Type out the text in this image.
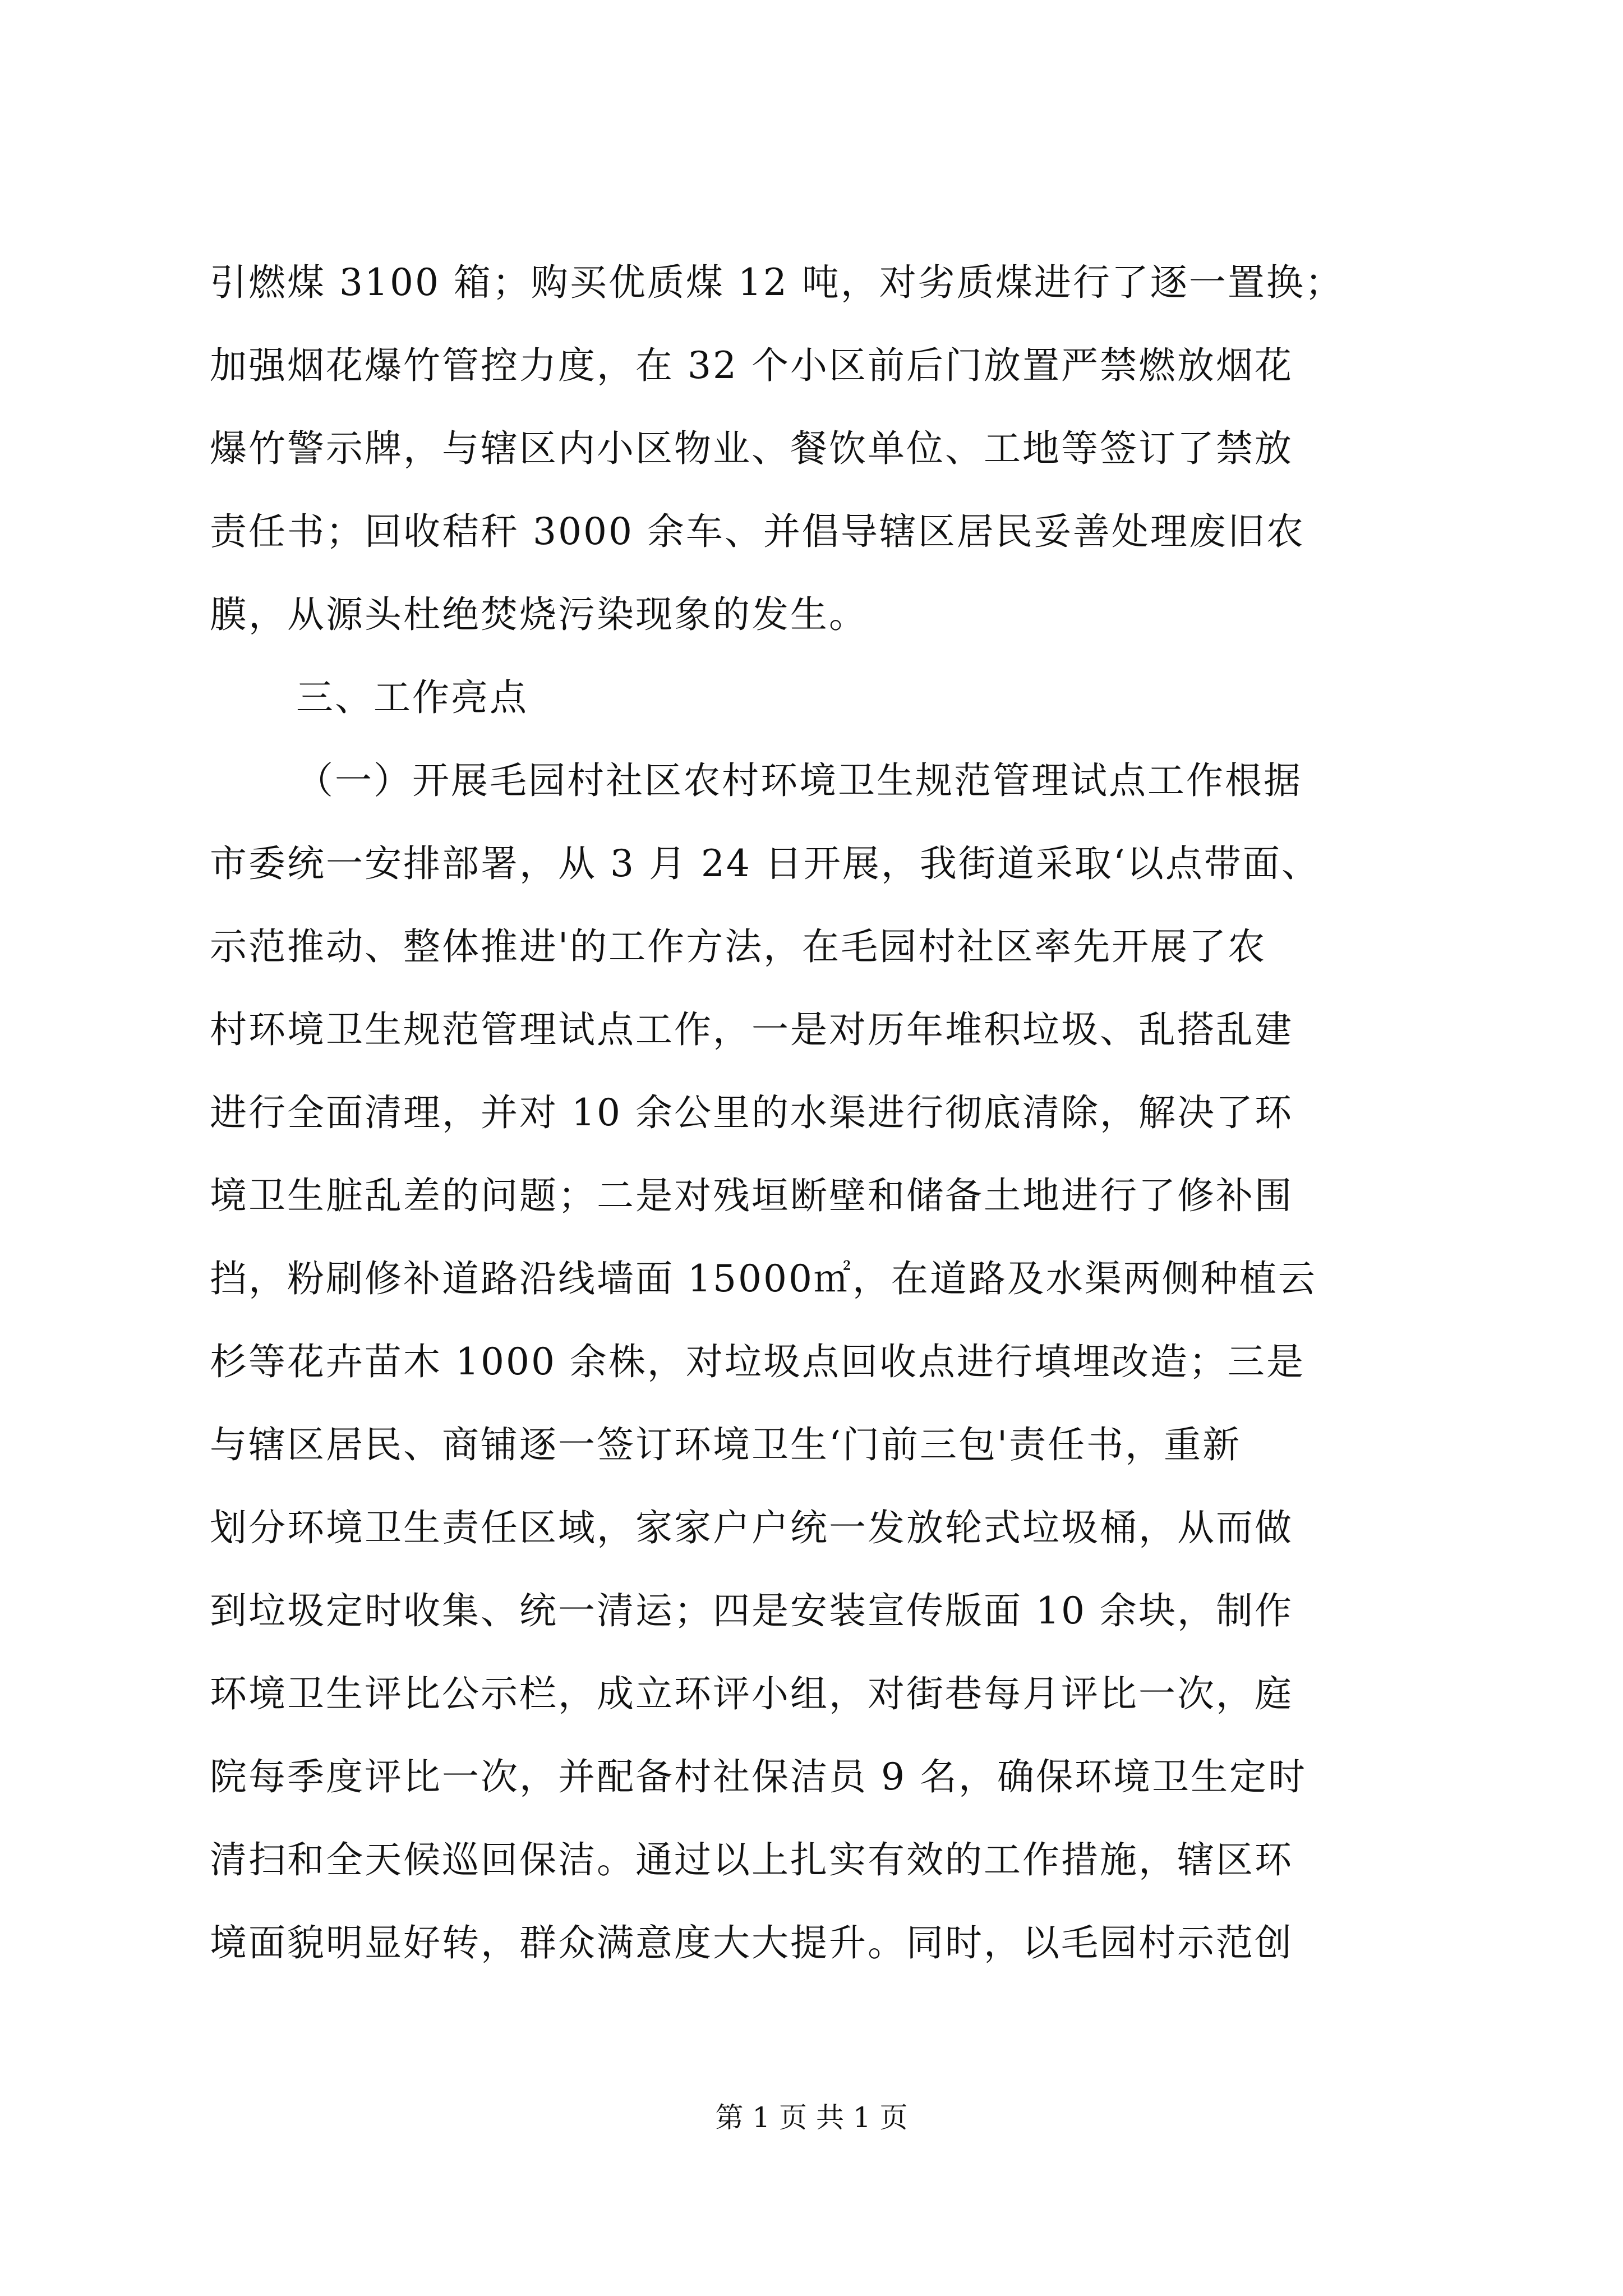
引燃煤 3100 箱；购买优质煤 12 吨，对劣质煤进行了逐一置换；
加强烟花爆竹管控力度，在 32 个小区前后门放置严禁燃放烟花
爆竹警示牌，与辖区内小区物业、餐饮单位、工地等签订了禁放
责任书；回收秸秆 3000 余车、并倡导辖区居民妥善处理废旧农
膜，从源头杜绝焚烧污染现象的发生。
三、工作亮点
（一）开展毛园村社区农村环境卫生规范管理试点工作根据
市委统一安排部署，从 3 月 24 日开展，我街道采取‘以点带面、
示范推动、整体推进'的工作方法，在毛园村社区率先开展了农
村环境卫生规范管理试点工作，一是对历年堆积垃圾、乱搭乱建
进行全面清理，并对 10 余公里的水渠进行彻底清除，解决了环
境卫生脏乱差的问题；二是对残垣断壁和储备土地进行了修补围
挡，粉刷修补道路沿线墙面 15000㎡，在道路及水渠两侧种植云
杉等花卉苗木 1000 余株，对垃圾点回收点进行填埋改造；三是
与辖区居民、商铺逐一签订环境卫生‘门前三包'责任书，重新
划分环境卫生责任区域，家家户户统一发放轮式垃圾桶，从而做
到垃圾定时收集、统一清运；四是安装宣传版面 10 余块，制作
环境卫生评比公示栏，成立环评小组，对街巷每月评比一次，庭
院每季度评比一次，并配备村社保洁员 9 名，确保环境卫生定时
清扫和全天候巡回保洁。通过以上扎实有效的工作措施，辖区环
境面貌明显好转，群众满意度大大提升。同时，以毛园村示范创
第 1 页 共 1 页
